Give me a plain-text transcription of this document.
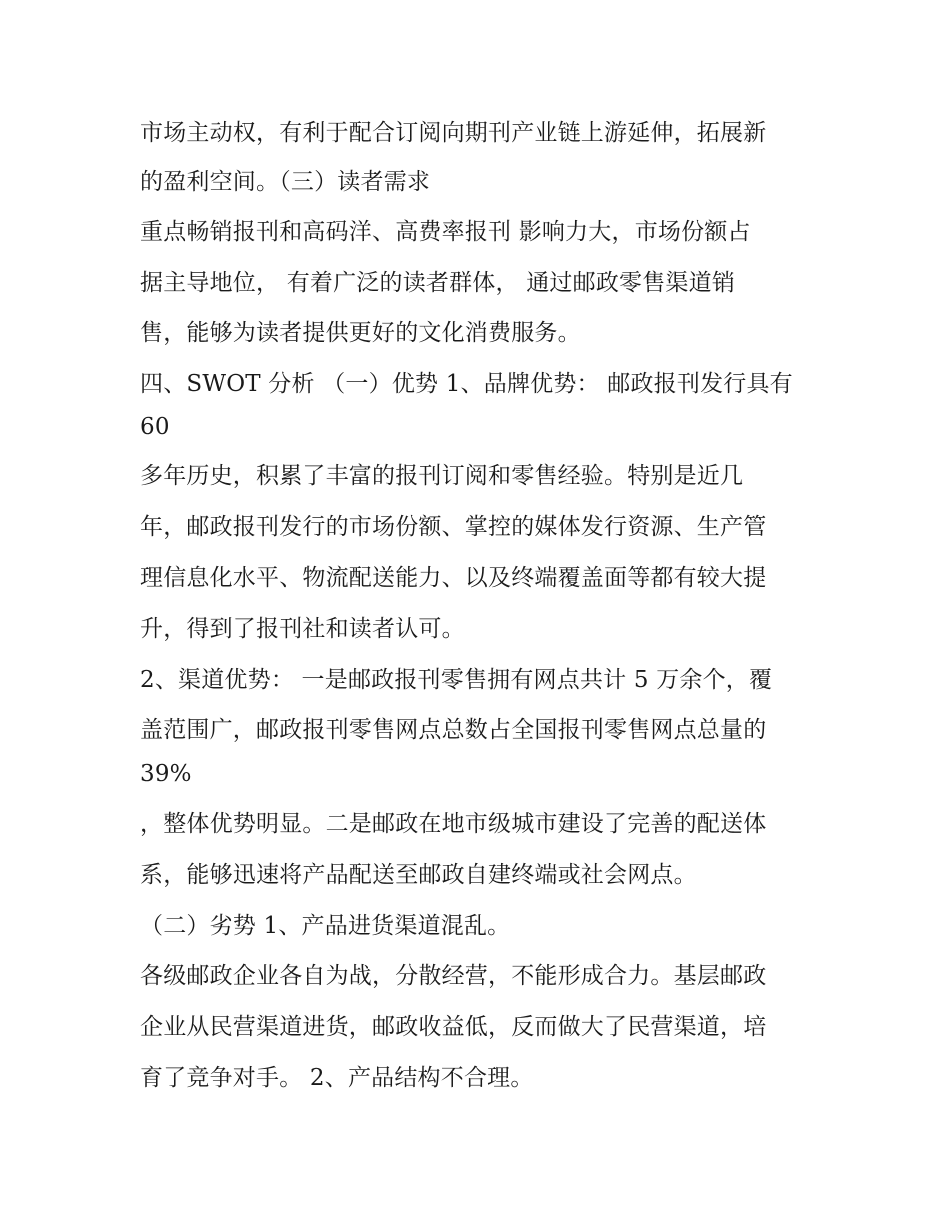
市场主动权，有利于配合订阅向期刊产业链上游延伸，拓展新
的盈利空间。（三）读者需求
重点畅销报刊和高码洋、高费率报刊 影响力大，市场份额占
据主导地位， 有着广泛的读者群体， 通过邮政零售渠道销
售，能够为读者提供更好的文化消费服务。
四、SWOT 分析 （一）优势 1、品牌优势： 邮政报刊发行具有
60
多年历史，积累了丰富的报刊订阅和零售经验。特别是近几
年，邮政报刊发行的市场份额、掌控的媒体发行资源、生产管
理信息化水平、物流配送能力、以及终端覆盖面等都有较大提
升，得到了报刊社和读者认可。
2、渠道优势： 一是邮政报刊零售拥有网点共计 5 万余个，覆
盖范围广，邮政报刊零售网点总数占全国报刊零售网点总量的
39%
，整体优势明显。二是邮政在地市级城市建设了完善的配送体
系，能够迅速将产品配送至邮政自建终端或社会网点。
（二）劣势 1、产品进货渠道混乱。
各级邮政企业各自为战，分散经营，不能形成合力。基层邮政
企业从民营渠道进货，邮政收益低，反而做大了民营渠道，培
育了竞争对手。 2、产品结构不合理。
